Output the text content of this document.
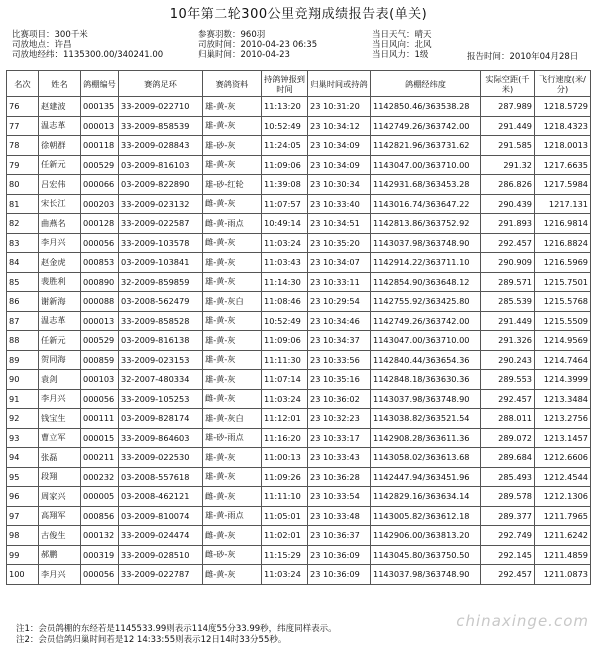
10年第二轮300公里竞翔成绩报告表(单关)
比赛项目：300千米
司放地点：许昌
司放地经纬：1135300.00/340241.00
参赛羽数：960羽
司放时间：2010-04-23 06:35
归巢时间：2010-04-23
当日天气：晴天
当日风向：北风
当日风力：1级	报告时间：2010年04月28日
名次	姓名	鸽棚编号	赛鸽足环	赛鸽资料	持鸽钟报到时间	归巢时间或持鸽	鸽棚经纬度	实际空距(千米)	飞行速度(米/分)
76	赵建波	000135	33-2009-022710	雄-黄-灰	11:13:20	23 10:31:20	1142850.46/363538.28	287.989	1218.5729
77	温志革	000013	33-2009-858539	雄-黄-灰	10:52:49	23 10:34:12	1142749.26/363742.00	291.449	1218.4323
78	徐朝群	000118	33-2009-028843	雄-砂-灰	11:24:05	23 10:34:09	1142821.96/363731.62	291.585	1218.0013
79	任新元	000529	03-2009-816103	雄-黄-灰	11:09:06	23 10:34:09	1143047.00/363710.00	291.32	1217.6635
80	吕宏伟	000066	03-2009-822890	雄-砂-红轮	11:39:08	23 10:30:34	1142931.68/363453.28	286.826	1217.5984
81	宋长江	000203	33-2009-023132	雌-黄-灰	11:07:57	23 10:33:40	1143016.74/363647.22	290.439	1217.131
82	曲燕名	000128	33-2009-022587	雌-黄-雨点	10:49:14	23 10:34:51	1142813.86/363752.92	291.893	1216.9814
83	李月兴	000056	33-2009-103578	雌-黄-灰	11:03:24	23 10:35:20	1143037.98/363748.90	292.457	1216.8824
84	赵金虎	000853	03-2009-103841	雄-黄-灰	11:03:43	23 10:34:07	1142914.22/363711.10	290.909	1216.5969
85	裴胜利	000890	32-2009-859859	雄-黄-灰	11:14:30	23 10:33:11	1142854.90/363648.12	289.571	1215.7501
86	谢新海	000088	03-2008-562479	雄-黄-灰白	11:08:46	23 10:29:54	1142755.92/363425.80	285.539	1215.5768
87	温志革	000013	33-2009-858528	雄-黄-灰	10:52:49	23 10:34:46	1142749.26/363742.00	291.449	1215.5509
88	任新元	000529	03-2009-816138	雄-黄-灰	11:09:06	23 10:34:37	1143047.00/363710.00	291.326	1214.9569
89	贺同海	000859	33-2009-023153	雄-黄-灰	11:11:30	23 10:33:56	1142840.44/363654.36	290.243	1214.7464
90	袁剑	000103	32-2007-480334	雄-黄-灰	11:07:14	23 10:35:16	1142848.18/363630.36	289.553	1214.3999
91	李月兴	000056	33-2009-105253	雌-黄-灰	11:03:24	23 10:36:02	1143037.98/363748.90	292.457	1213.3484
92	钱宝生	000111	03-2009-828174	雄-黄-灰白	11:12:01	23 10:32:23	1143038.82/363521.54	288.011	1213.2756
93	曹立军	000015	33-2009-864603	雄-砂-雨点	11:16:20	23 10:33:17	1142908.28/363611.36	289.072	1213.1457
94	张磊	000211	33-2009-022530	雄-黄-灰	11:00:13	23 10:33:43	1143058.02/363613.68	289.684	1212.6606
95	段翔	000232	03-2008-557618	雄-黄-灰	11:09:26	23 10:36:28	1142447.94/363451.96	285.493	1212.4544
96	周家兴	000005	03-2008-462121	雌-黄-灰	11:11:10	23 10:33:54	1142829.16/363634.14	289.578	1212.1306
97	高翔军	000856	03-2009-810074	雄-黄-雨点	11:05:01	23 10:33:48	1143005.82/363612.18	289.377	1211.7965
98	古俊生	000132	33-2009-024474	雌-黄-灰	11:02:01	23 10:36:37	1142906.00/363813.20	292.749	1211.6242
99	郝鹏	000319	33-2009-028510	雌-砂-灰	11:15:29	23 10:36:09	1143045.80/363750.50	292.145	1211.4859
100	李月兴	000056	33-2009-022787	雌-黄-灰	11:03:24	23 10:36:09	1143037.98/363748.90	292.457	1211.0873
chinaxinge.com
注1：会员鸽棚的东经若是1145533.99则表示114度55分33.99秒，纬度同样表示。
注2：会员信鸽归巢时间若是12 14:33:55则表示12日14时33分55秒。
